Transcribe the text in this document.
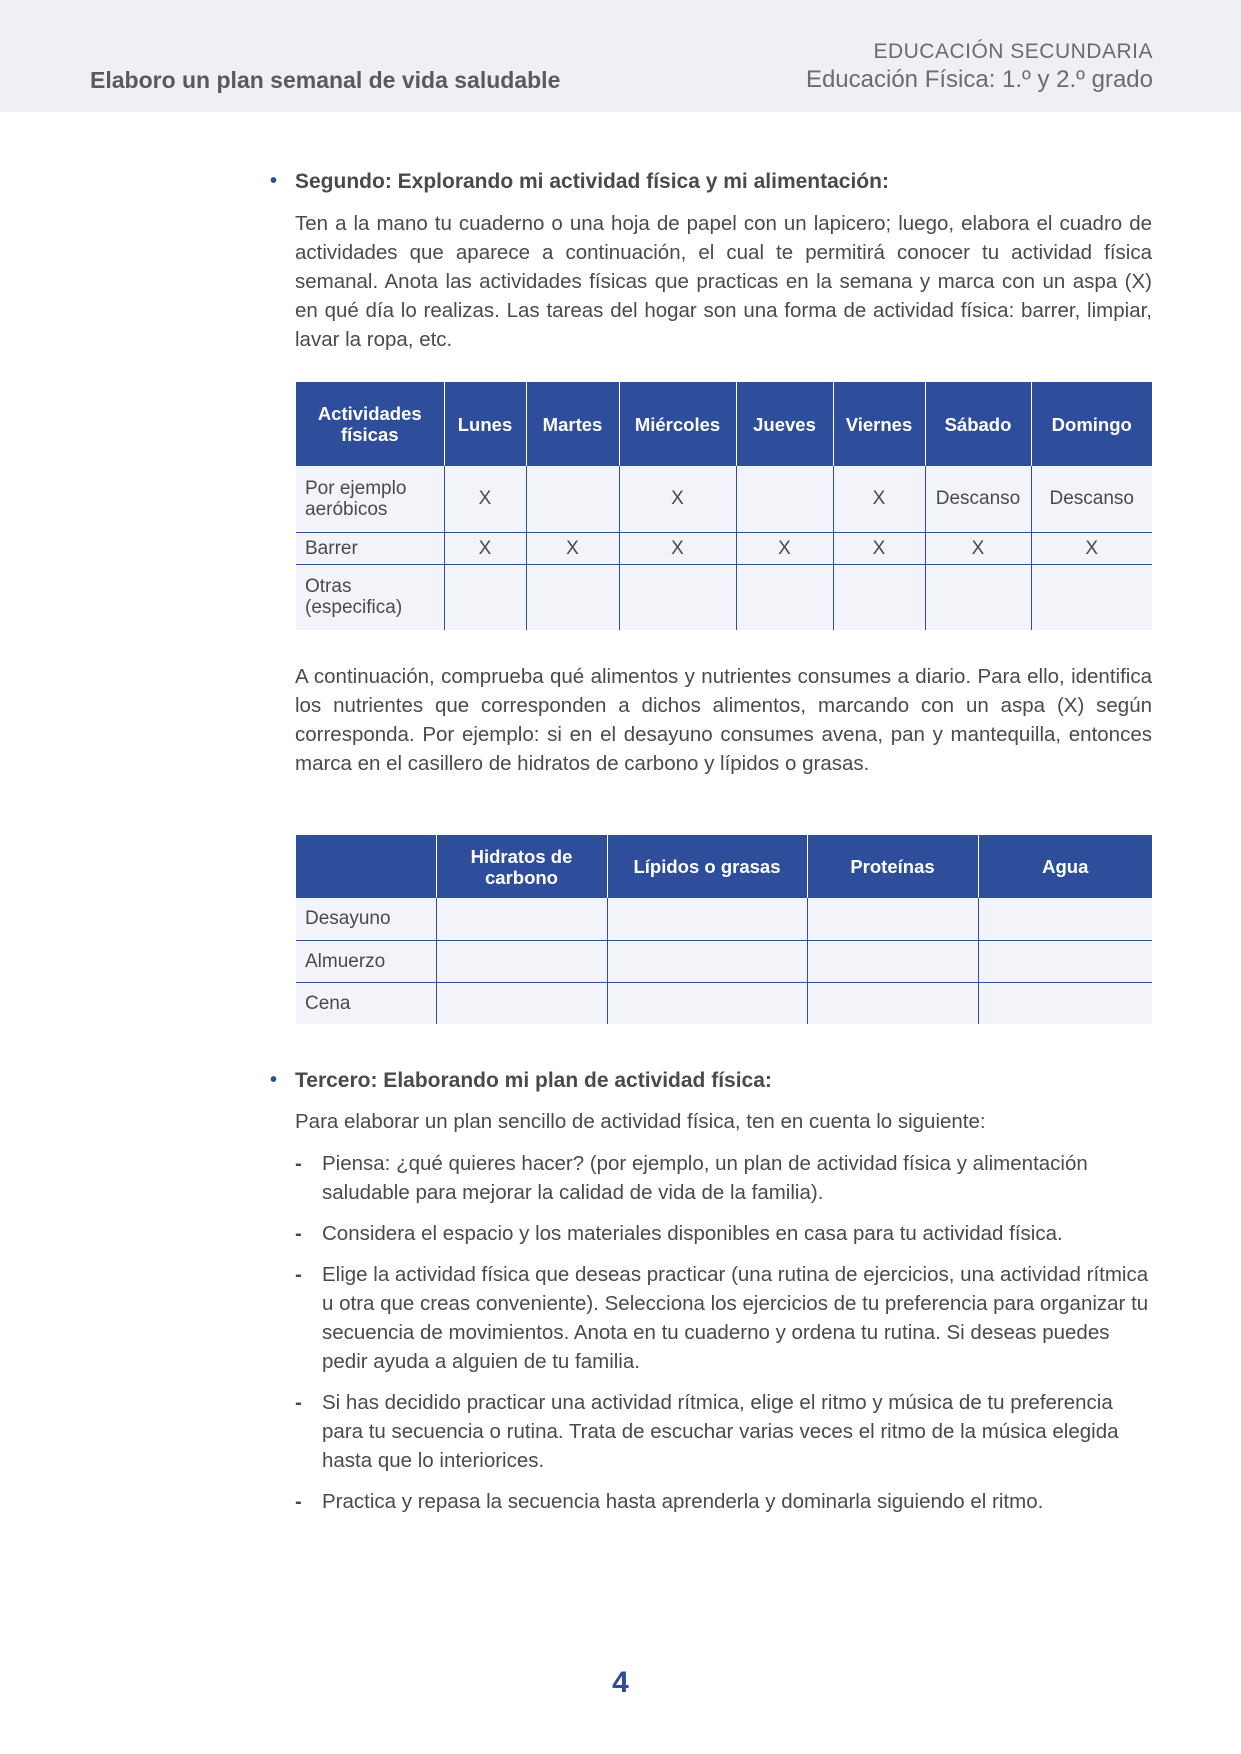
Elaboro un plan semanal de vida saludable
EDUCACIÓN SECUNDARIA
Educación Física: 1.º y 2.º grado
• Segundo: Explorando mi actividad física y mi alimentación:
Ten a la mano tu cuaderno o una hoja de papel con un lapicero; luego, elabora el cuadro de actividades que aparece a continuación, el cual te permitirá conocer tu actividad física semanal. Anota las actividades físicas que practicas en la semana y marca con un aspa (X) en qué día lo realizas. Las tareas del hogar son una forma de actividad física: barrer, limpiar, lavar la ropa, etc.
Actividades físicas	Lunes	Martes	Miércoles	Jueves	Viernes	Sábado	Domingo
Por ejemplo aeróbicos	X		X		X	Descanso	Descanso
Barrer	X	X	X	X	X	X	X
Otras (especifica)							
A continuación, comprueba qué alimentos y nutrientes consumes a diario. Para ello, identifica los nutrientes que corresponden a dichos alimentos, marcando con un aspa (X) según corresponda. Por ejemplo: si en el desayuno consumes avena, pan y mantequilla, entonces marca en el casillero de hidratos de carbono y lípidos o grasas.
	Hidratos de carbono	Lípidos o grasas	Proteínas	Agua
Desayuno				
Almuerzo				
Cena				
• Tercero: Elaborando mi plan de actividad física:
Para elaborar un plan sencillo de actividad física, ten en cuenta lo siguiente:
- Piensa: ¿qué quieres hacer? (por ejemplo, un plan de actividad física y alimentación saludable para mejorar la calidad de vida de la familia).
- Considera el espacio y los materiales disponibles en casa para tu actividad física.
- Elige la actividad física que deseas practicar (una rutina de ejercicios, una actividad rítmica u otra que creas conveniente). Selecciona los ejercicios de tu preferencia para organizar tu secuencia de movimientos. Anota en tu cuaderno y ordena tu rutina. Si deseas puedes pedir ayuda a alguien de tu familia.
- Si has decidido practicar una actividad rítmica, elige el ritmo y música de tu preferencia para tu secuencia o rutina. Trata de escuchar varias veces el ritmo de la música elegida hasta que lo interiorices.
- Practica y repasa la secuencia hasta aprenderla y dominarla siguiendo el ritmo.
4
